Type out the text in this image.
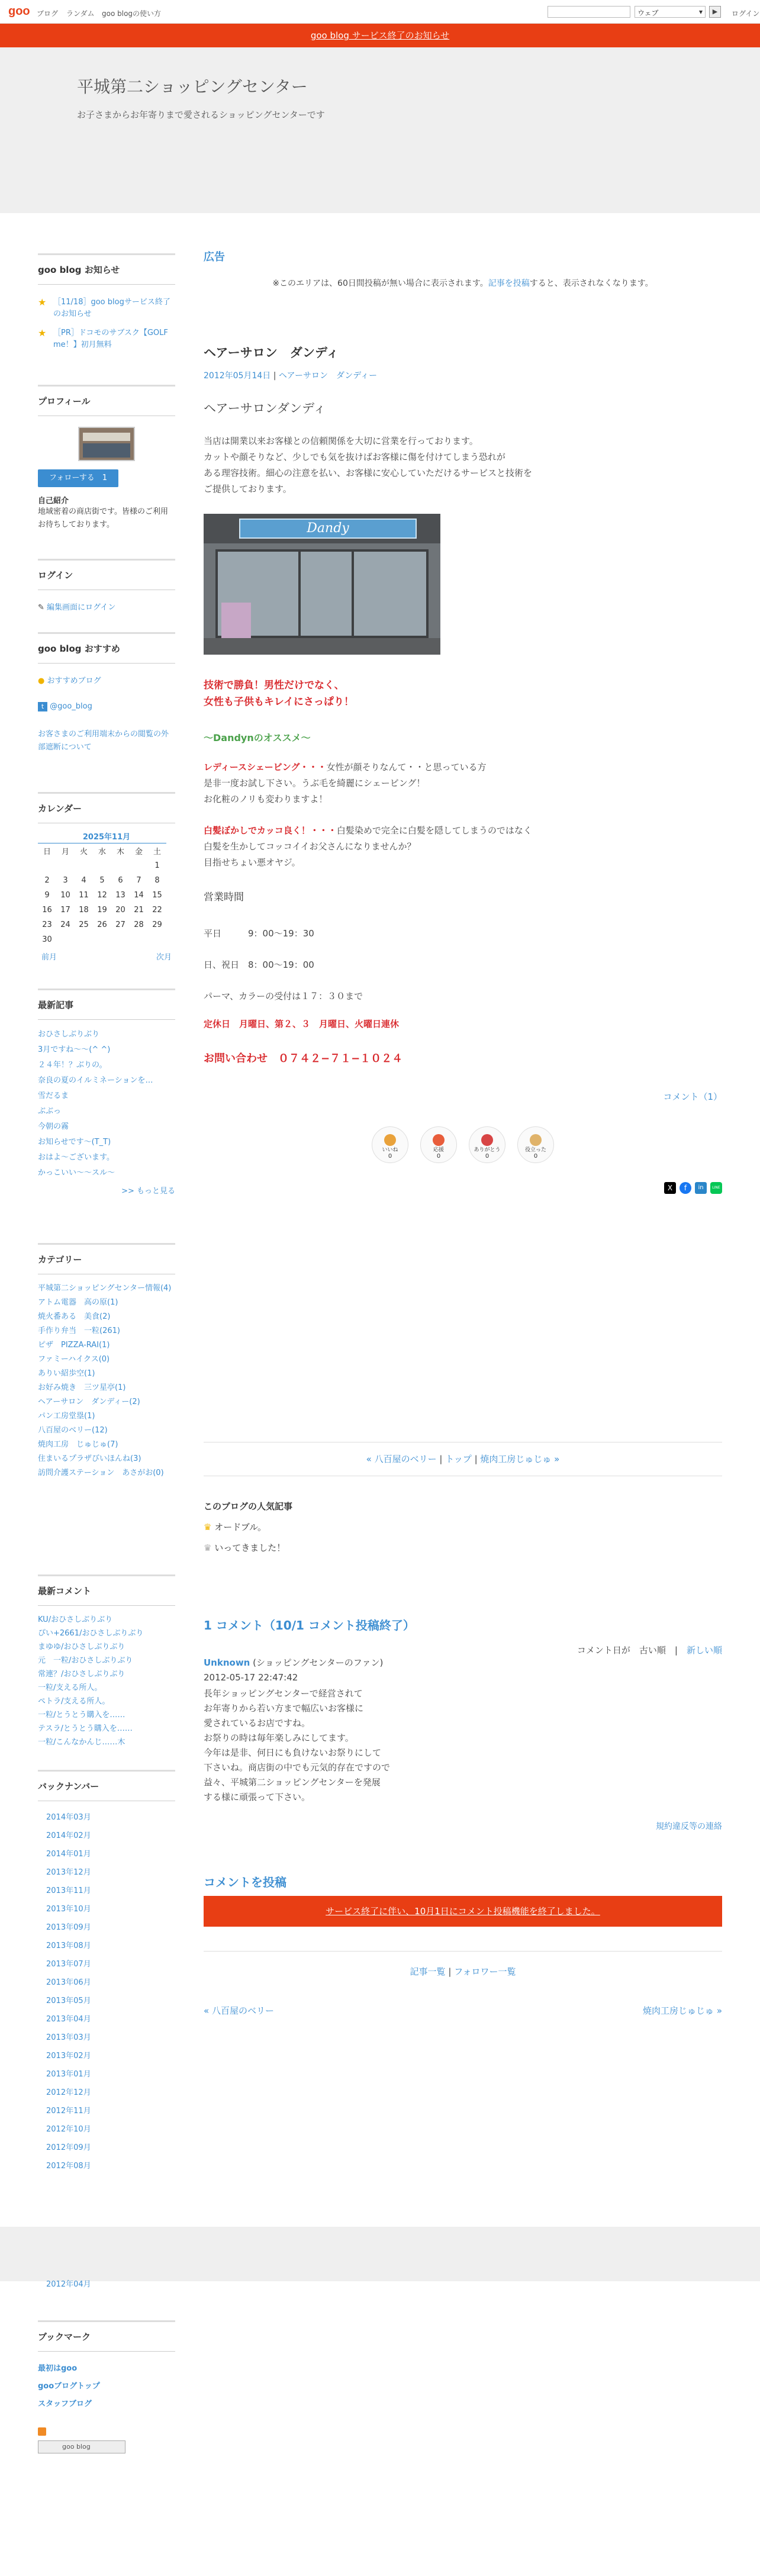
goo ブログ ランダム goo blogの使い方	ウェブ	▾	▶	ログイン
goo blog サービス終了のお知らせ
平城第二ショッピングセンター
お子さまからお年寄りまで愛されるショッピングセンターです
goo blog お知らせ
★ ［11/18］goo blogサービス終了のお知らせ
★ ［PR］ドコモのサブスク【GOLF me！】初月無料
プロフィール
フォローする　 1
自己紹介
地域密着の商店街です。皆様のご利用お待ちしております。
ログイン
✎ 編集画面にログイン
goo blog おすすめ
● おすすめブログ
t @goo_blog
お客さまのご利用端末からの閲覧の外部遮断について
カレンダー
2025年11月
日	月	火	水	木	金	土
						1
2	3	4	5	6	7	8
9	10	11	12	13	14	15
16	17	18	19	20	21	22
23	24	25	26	27	28	29
30						
前月	次月
最新記事
おひさしぶりぶり
3月ですね〜〜(^ ^)
２４年！？ぶりの。
奈良の夏のイルミネーションを…
雪だるま
ぶぶっ
今朝の霧
お知らせです〜(T_T)
おはよ〜ございます。
かっこいい〜〜スル〜
>> もっと見る
カテゴリー
平城第二ショッピングセンター情報(4)
アトム電器　高の原(1)
焼火番ある　美食(2)
手作り弁当　一粒(261)
ピザ　PIZZA-RAI(1)
ファミーハイクス(0)
ありい紹歩空(1)
お好み焼き　三ツ星亭(1)
ヘアーサロン　ダンディー(2)
パン工房堂塁(1)
八百屋のベリー(12)
焼肉工房　じゅじゅ(7)
住まいるプラザびいほんね(3)
訪問介護ステーション　あさがお(0)
最新コメント
KU/おひさしぶりぶり
ぴい+2661/おひさしぶりぶり
まゆゆ/おひさしぶりぶり
元　一粒/おひさしぶりぶり
常連？/おひさしぶりぶり
一粒/支える所人。
ペトラ/支える所人。
一粒/とうとう購入を……
テスラ/とうとう購入を……
一粒/こんなかんじ……木
バックナンバー
2014年03月
2014年02月
2014年01月
2013年12月
2013年11月
2013年10月
2013年09月
2013年08月
2013年07月
2013年06月
2013年05月
2013年04月
2013年03月
2013年02月
2013年01月
2012年12月
2012年11月
2012年10月
2012年09月
2012年08月
2012年04月
ブックマーク
最初はgoo
gooブログトップ
スタッフブログ
goo blog
広告
※このエリアは、60日間投稿が無い場合に表示されます。記事を投稿すると、表示されなくなります。
ヘアーサロン　ダンディ
2012年05月14日 | ヘアーサロン　ダンディー
ヘアーサロンダンディ
当店は開業以来お客様との信頼関係を大切に営業を行っております。
カットや顔そりなど、少しでも気を抜けばお客様に傷を付けてしまう恐れが
ある理容技術。細心の注意を払い、お客様に安心していただけるサービスと技術を
ご提供しております。
Dandy
技術で勝負！男性だけでなく、
女性も子供もキレイにさっぱり！
〜Dandynのオススメ〜
レディースシェービング・・・女性が顔そりなんて・・と思っている方
是非一度お試し下さい。うぶ毛を綺麗にシェービング！
お化粧のノリも変わりますよ！
白髪ぼかしでカッコ良く！・・・白髪染めで完全に白髪を隠してしまうのではなく
白髪を生かしてコッコイイお父さんになりませんか？
目指せちょい悪オヤジ。
営業時間
平日　　　9：00〜19：30
日、祝日　8：00〜19：00
パーマ、カラーの受付は１７：３０まで
定休日　月曜日、第２、３　月曜日、火曜日連休
お問い合わせ　０７４２−７１−１０２４
コメント（1）
いいね
0
応援
0
ありがとう
0
役立った
0
X	f	in	LINE
« 八百屋のベリー | トップ | 焼肉工房じゅじゅ »
このブログの人気記事
♛ オードブル。
♛ いってきました！
1 コメント（10/1 コメント投稿終了）
コメント日が　 古い順　 |　 新しい順
Unknown (ショッピングセンターのファン)
2012-05-17 22:47:42
長年ショッピングセンターで経営されて
お年寄りから若い方まで幅広いお客様に
愛されているお店ですね。
お祭りの時は毎年楽しみにしてます。
今年は是非、何日にも負けないお祭りにして
下さいね。商店街の中でも元気的存在ですので
益々、平城第二ショッピングセンターを発展
する様に頑張って下さい。
規約違反等の連絡
コメントを投稿
サービス終了に伴い、10月1日にコメント投稿機能を終了しました。
記事一覧 | フォロワー一覧
« 八百屋のベリー	焼肉工房じゅじゅ »
